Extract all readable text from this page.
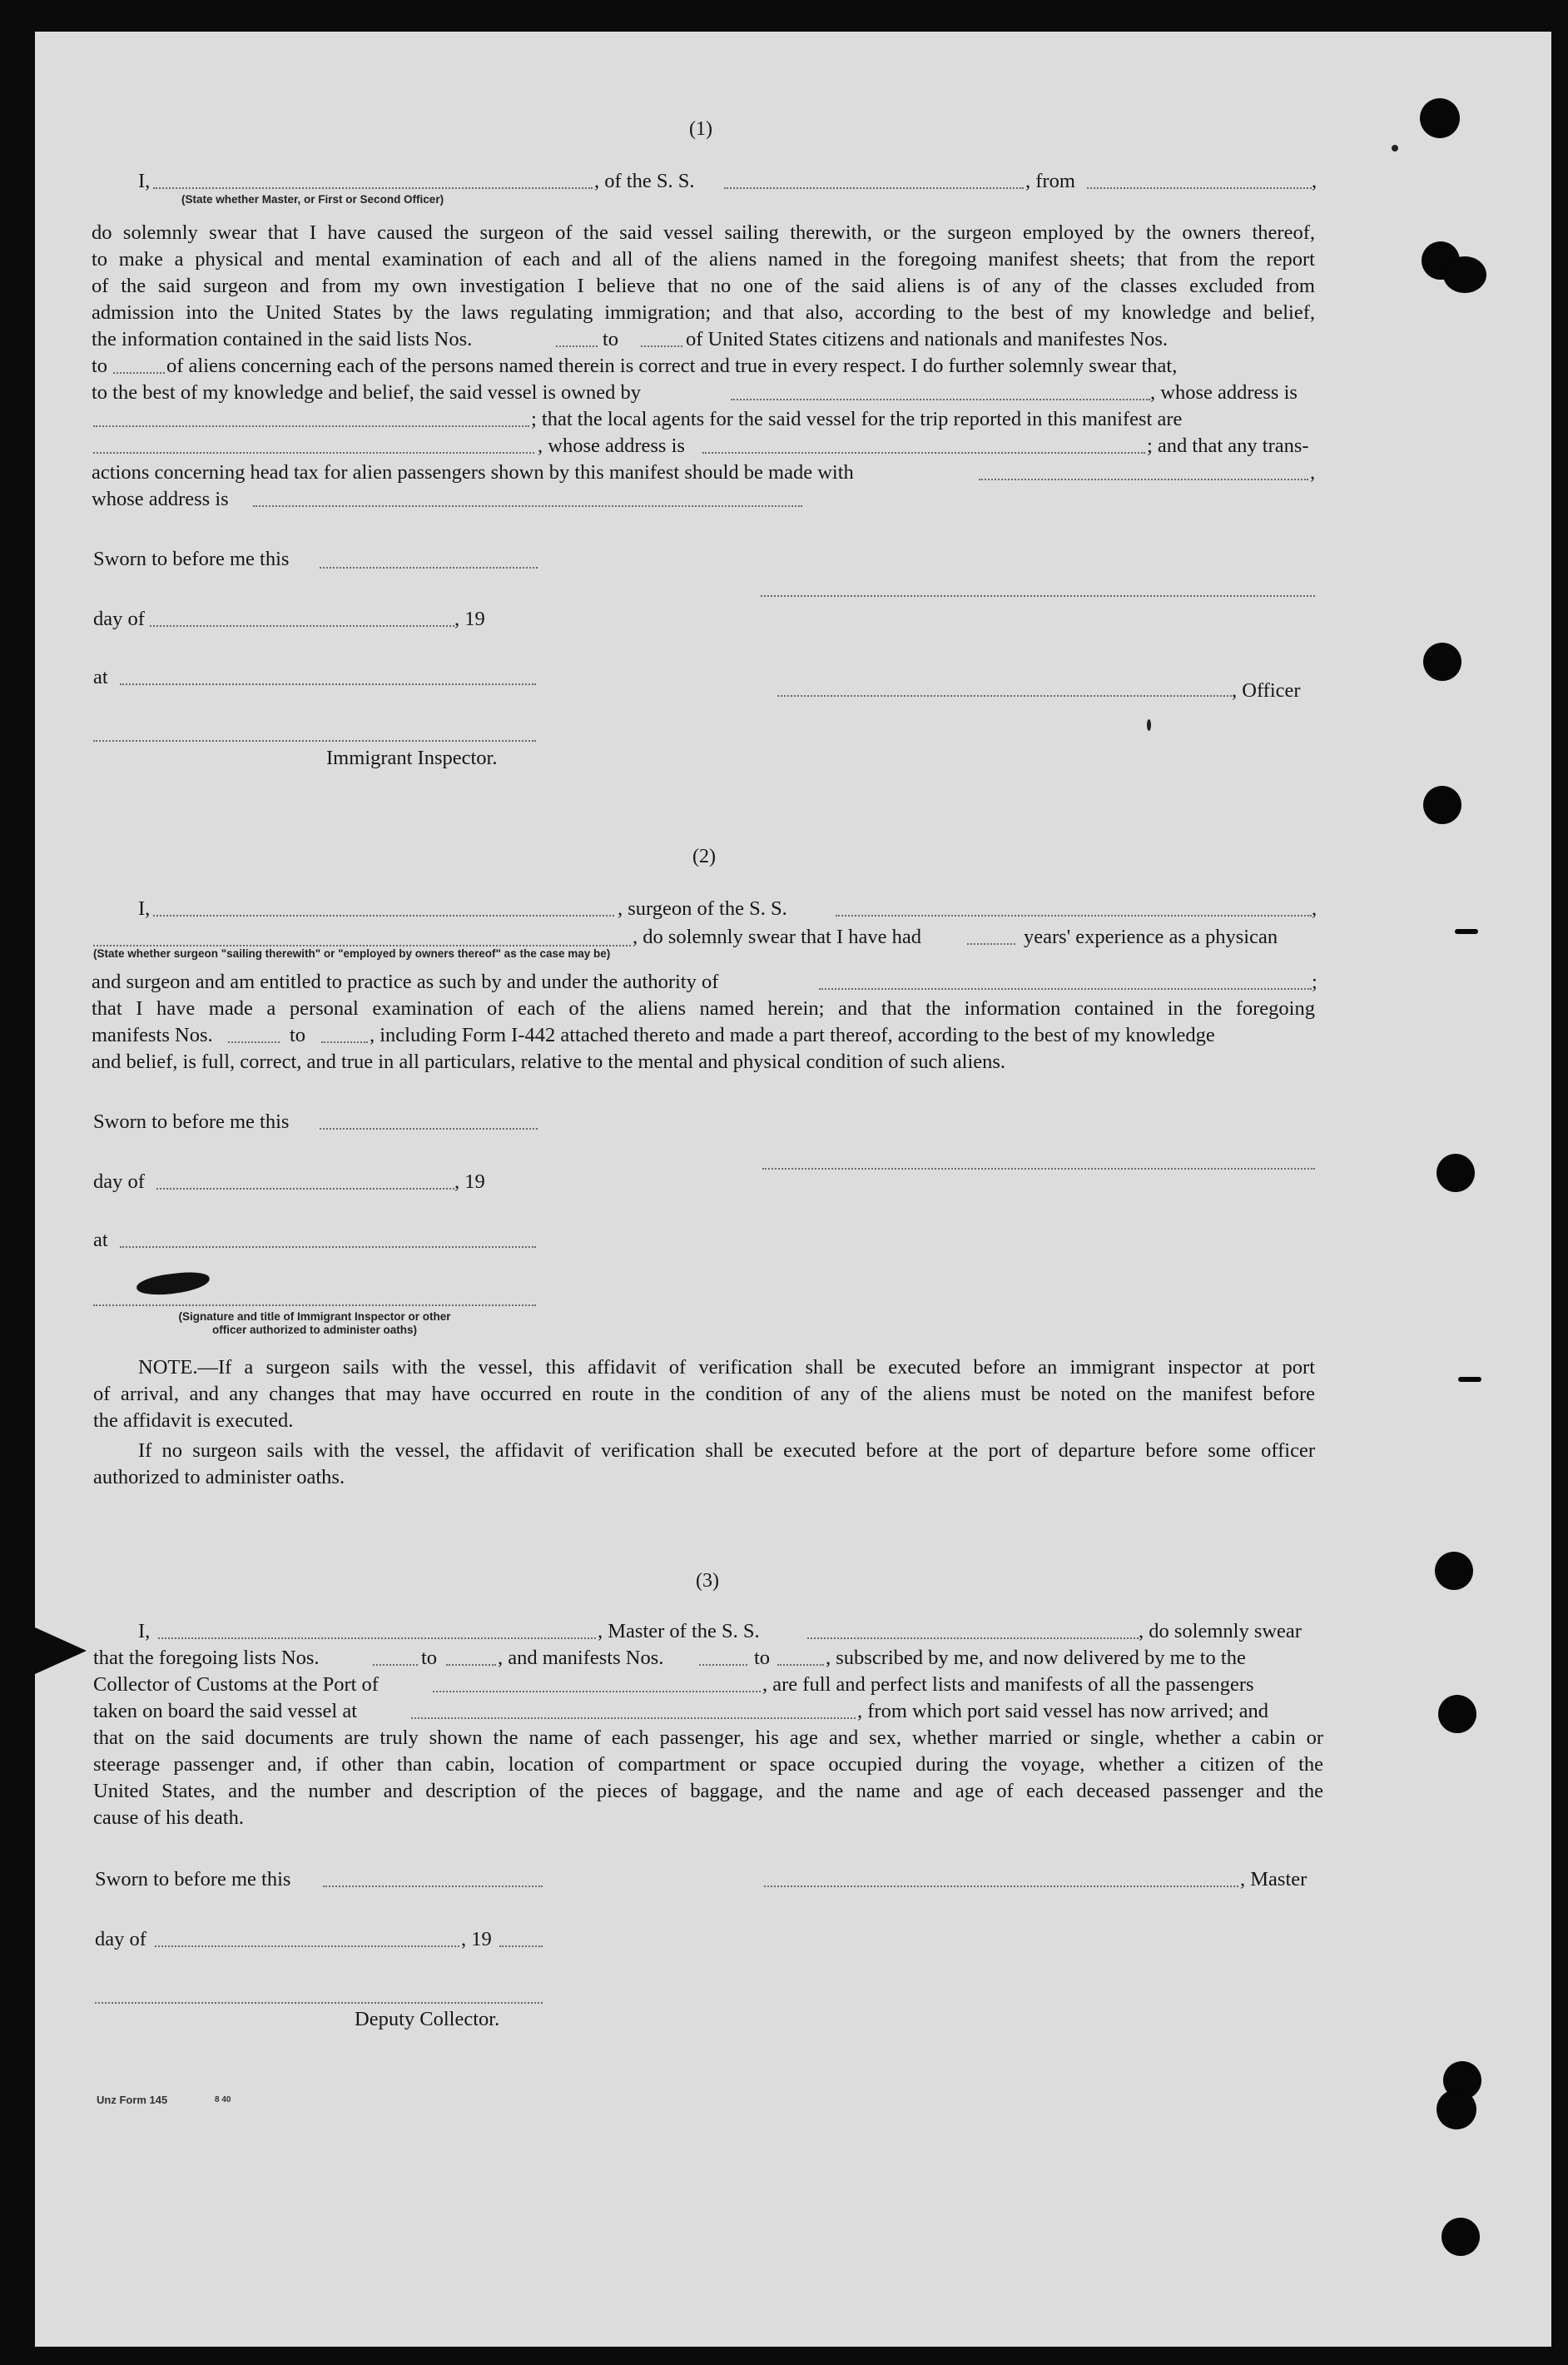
(1)
I,	, of the S. S.	, from	,
(State whether Master, or First or Second Officer)
do solemnly swear that I have caused the surgeon of the said vessel sailing therewith, or the surgeon employed by the owners thereof,
to make a physical and mental examination of each and all of the aliens named in the foregoing manifest sheets; that from the report
of the said surgeon and from my own investigation I believe that no one of the said aliens is of any of the classes excluded from
admission into the United States by the laws regulating immigration; and that also, according to the best of my knowledge and belief,
the information contained in the said lists Nos.	to	of United States citizens and nationals and manifestes Nos.
to	of aliens concerning each of the persons named therein is correct and true in every respect. I do further solemnly swear that,
to the best of my knowledge and belief, the said vessel is owned by	, whose address is
; that the local agents for the said vessel for the trip reported in this manifest are
, whose address is	; and that any trans-
actions concerning head tax for alien passengers shown by this manifest should be made with	,
whose address is
Sworn to before me this
day of	, 19
at
, Officer
Immigrant Inspector.
(2)
I,	, surgeon of the S. S.	,
, do solemnly swear that I have had	years' experience as a physican
(State whether surgeon "sailing therewith" or "employed by owners thereof" as the case may be)
and surgeon and am entitled to practice as such by and under the authority of	;
that I have made a personal examination of each of the aliens named herein; and that the information contained in the foregoing
manifests Nos.	to	, including Form I-442 attached thereto and made a part thereof, according to the best of my knowledge
and belief, is full, correct, and true in all particulars, relative to the mental and physical condition of such aliens.
Sworn to before me this
day of	, 19
at
(Signature and title of Immigrant Inspector or other
officer authorized to administer oaths)
NOTE.—If a surgeon sails with the vessel, this affidavit of verification shall be executed before an immigrant inspector at port
of arrival, and any changes that may have occurred en route in the condition of any of the aliens must be noted on the manifest before
the affidavit is executed.
If no surgeon sails with the vessel, the affidavit of verification shall be executed before at the port of departure before some officer
authorized to administer oaths.
(3)
I,	, Master of the S. S.	, do solemnly swear
that the foregoing lists Nos.	to	, and manifests Nos.	to	, subscribed by me, and now delivered by me to the
Collector of Customs at the Port of	, are full and perfect lists and manifests of all the passengers
taken on board the said vessel at	, from which port said vessel has now arrived; and
that on the said documents are truly shown the name of each passenger, his age and sex, whether married or single, whether a cabin or
steerage passenger and, if other than cabin, location of compartment or space occupied during the voyage, whether a citizen of the
United States, and the number and description of the pieces of baggage, and the name and age of each deceased passenger and the
cause of his death.
Sworn to before me this	, Master
day of	, 19
Deputy Collector.
Unz Form 145	8 40
